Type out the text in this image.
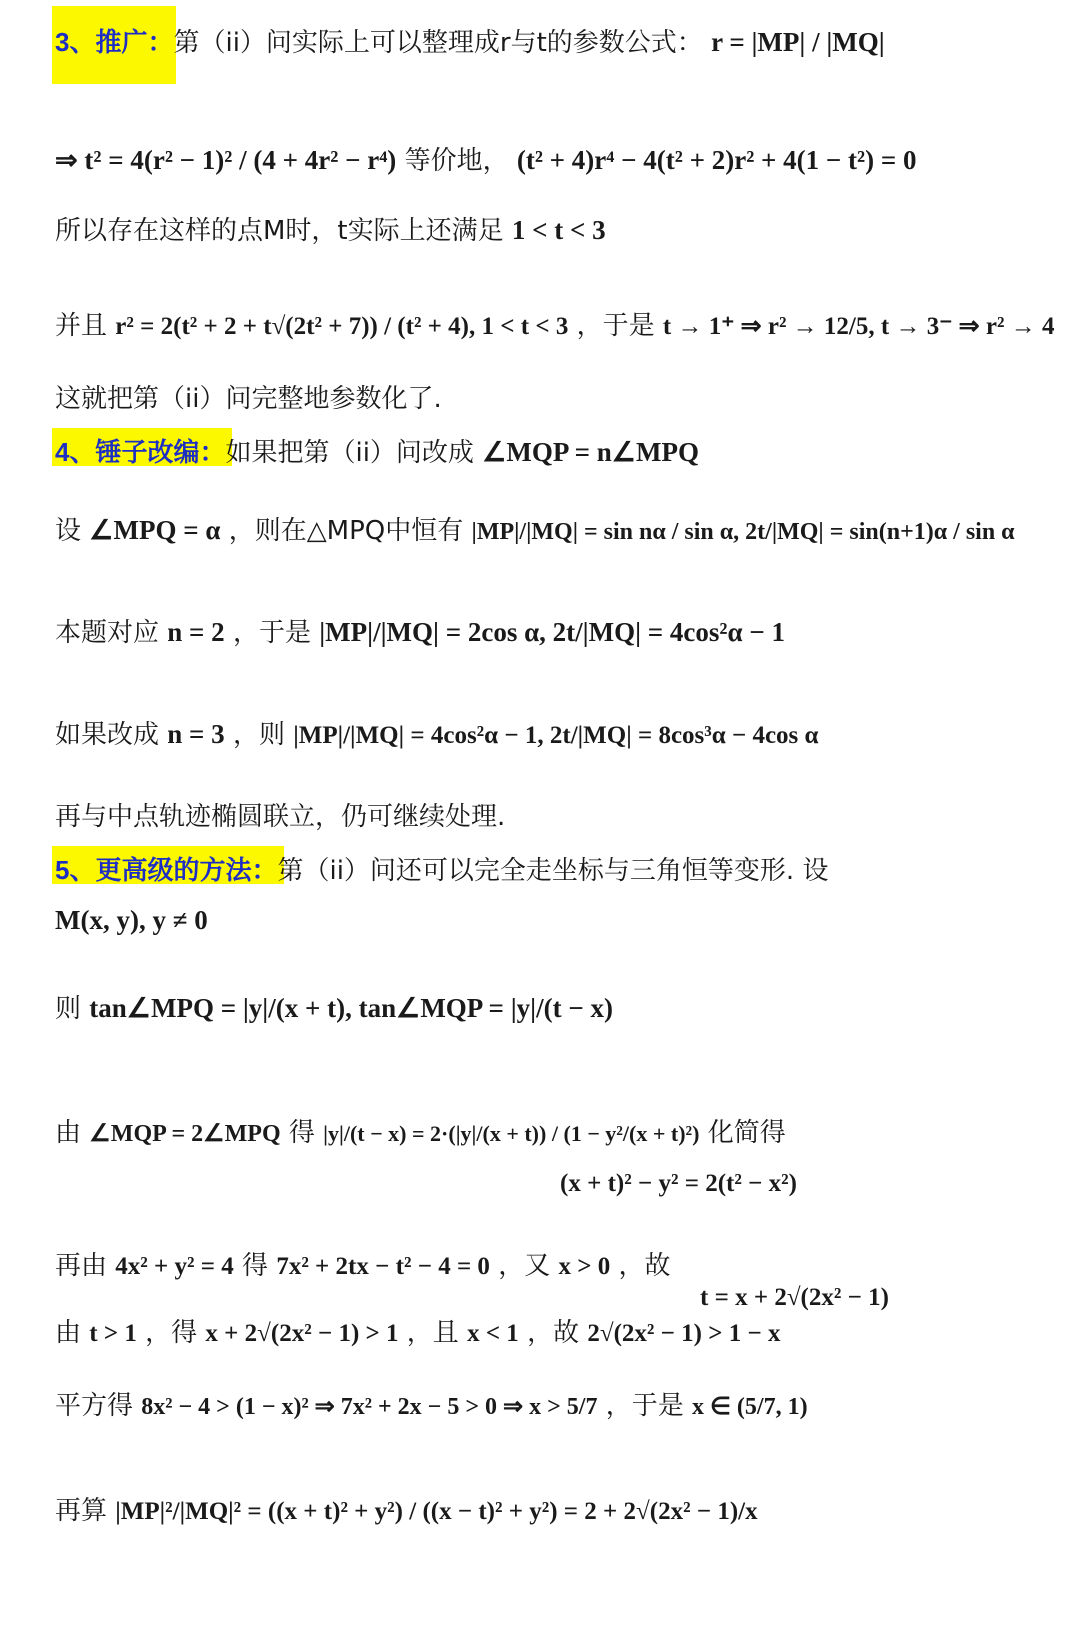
3、推广：第（ii）问实际上可以整理成r与t的参数公式： r = |MP| / |MQ|
⇒ t² = 4(r² − 1)² / (4 + 4r² − r⁴) 等价地， (t² + 4)r⁴ − 4(t² + 2)r² + 4(1 − t²) = 0
所以存在这样的点M时，t实际上还满足 1 < t < 3
并且 r² = 2(t² + 2 + t√(2t² + 7)) / (t² + 4), 1 < t < 3 ，于是 t → 1⁺ ⇒ r² → 12/5, t → 3⁻ ⇒ r² → 4
这就把第（ii）问完整地参数化了.
4、锤子改编：如果把第（ii）问改成 ∠MQP = n∠MPQ
设 ∠MPQ = α ，则在△MPQ中恒有 |MP|/|MQ| = sin nα / sin α, 2t/|MQ| = sin(n+1)α / sin α
本题对应 n = 2 ，于是 |MP|/|MQ| = 2cos α, 2t/|MQ| = 4cos²α − 1
如果改成 n = 3 ，则 |MP|/|MQ| = 4cos²α − 1, 2t/|MQ| = 8cos³α − 4cos α
再与中点轨迹椭圆联立，仍可继续处理.
5、更高级的方法：第（ii）问还可以完全走坐标与三角恒等变形. 设
M(x, y), y ≠ 0
则 tan∠MPQ = |y|/(x + t), tan∠MQP = |y|/(t − x)
由 ∠MQP = 2∠MPQ 得 |y|/(t − x) = 2·(|y|/(x + t)) / (1 − y²/(x + t)²) 化简得
(x + t)² − y² = 2(t² − x²)
再由 4x² + y² = 4 得 7x² + 2tx − t² − 4 = 0 ，又 x > 0 ，故
t = x + 2√(2x² − 1)
由 t > 1 ，得 x + 2√(2x² − 1) > 1 ，且 x < 1 ，故 2√(2x² − 1) > 1 − x
平方得 8x² − 4 > (1 − x)² ⇒ 7x² + 2x − 5 > 0 ⇒ x > 5/7 ，于是 x ∈ (5/7, 1)
再算 |MP|²/|MQ|² = ((x + t)² + y²) / ((x − t)² + y²) = 2 + 2√(2x² − 1)/x
